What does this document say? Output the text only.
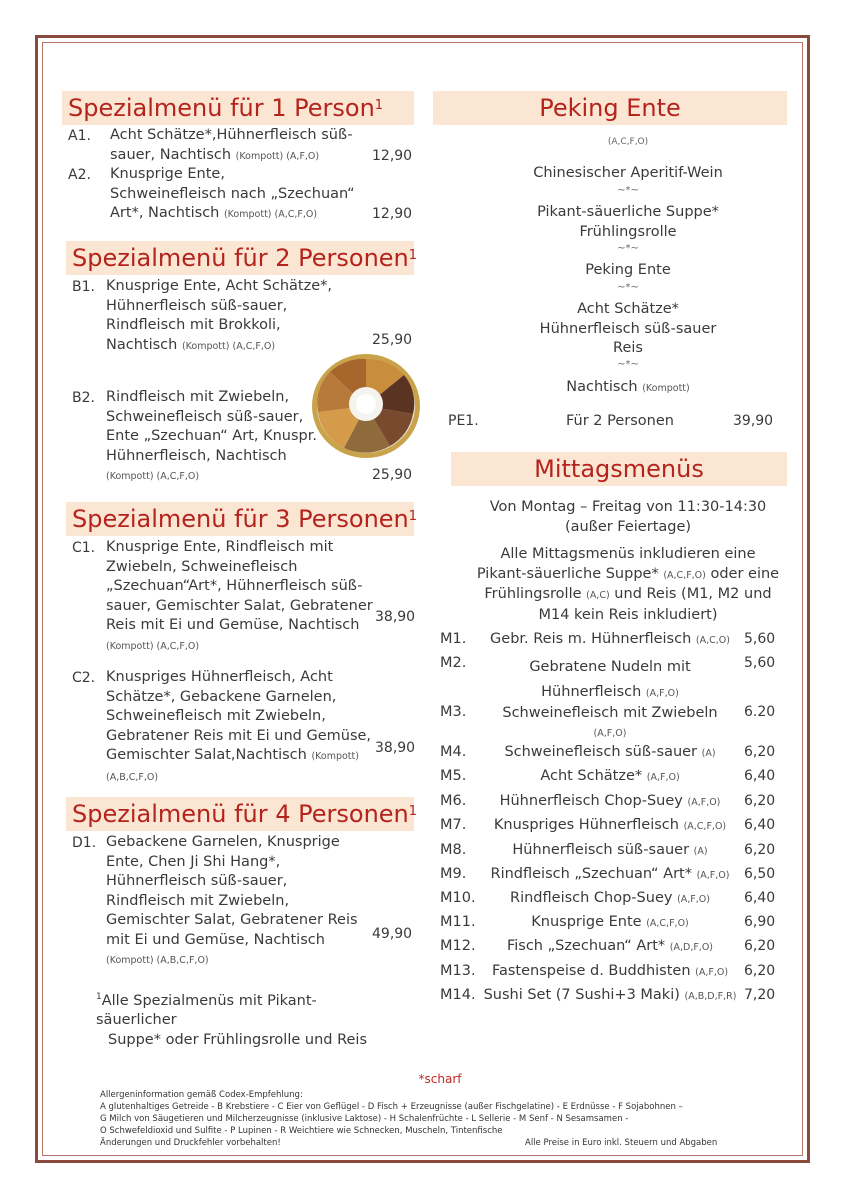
Spezialmenü für 1 Person$^1$
A1. Acht Schätze*,Hühnerfleisch süß-
sauer, Nachtisch (Kompott) (A,F,O)	12,90
A2. Knusprige Ente,
Schweinefleisch nach „Szechuan“
Art*, Nachtisch (Kompott) (A,C,F,O)	12,90
Spezialmenü für 2 Personen$^1$
B1. Knusprige Ente, Acht Schätze*,
Hühnerfleisch süß-sauer,
Rindfleisch mit Brokkoli,
Nachtisch (Kompott) (A,C,F,O)	25,90
B2. Rindfleisch mit Zwiebeln,
Schweinefleisch süß-sauer,
Ente „Szechuan“ Art, Knuspr.
Hühnerfleisch, Nachtisch
(Kompott) (A,C,F,O)	25,90
Spezialmenü für 3 Personen$^1$
C1. Knusprige Ente, Rindfleisch mit
Zwiebeln, Schweinefleisch
„Szechuan“Art*, Hühnerfleisch süß-
sauer, Gemischter Salat, Gebratener
Reis mit Ei und Gemüse, Nachtisch
(Kompott) (A,C,F,O)
38,90
C2. Knuspriges Hühnerfleisch, Acht
Schätze*, Gebackene Garnelen,
Schweinefleisch mit Zwiebeln,
Gebratener Reis mit Ei und Gemüse,
Gemischter Salat,Nachtisch (Kompott)
(A,B,C,F,O)
38,90
Spezialmenü für 4 Personen$^1$
D1. Gebackene Garnelen, Knusprige
Ente, Chen Ji Shi Hang*,
Hühnerfleisch süß-sauer,
Rindfleisch mit Zwiebeln,
Gemischter Salat, Gebratener Reis
mit Ei und Gemüse, Nachtisch
(Kompott) (A,B,C,F,O)
49,90
$^1$Alle Spezialmenüs mit Pikant-säuerlicher
Suppe* oder Frühlingsrolle und Reis
Peking Ente
(A,C,F,O)
Chinesischer Aperitif-Wein
~*~
Pikant-säuerliche Suppe*
Frühlingsrolle
~*~
Peking Ente
~*~
Acht Schätze*
Hühnerfleisch süß-sauer
Reis
~*~
Nachtisch (Kompott)
PE1.	Für 2 Personen	39,90
Mittagsmenüs
Von Montag – Freitag von 11:30-14:30
(außer Feiertage)
Alle Mittagsmenüs inkludieren eine
Pikant-säuerliche Suppe* (A,C,F,O) oder eine
Frühlingsrolle (A,C) und Reis (M1, M2 und
M14 kein Reis inkludiert)
M1.	Gebr. Reis m. Hühnerfleisch (A,C,O)	5,60
M2.	Gebratene Nudeln mit
Hühnerfleisch (A,F,O)
5,60
M3.	Schweinefleisch mit Zwiebeln
(A,F,O)
6.20
M4.	Schweinefleisch süß-sauer (A)	6,20
M5.	Acht Schätze* (A,F,O)	6,40
M6.	Hühnerfleisch Chop-Suey (A,F,O)	6,20
M7.	Knuspriges Hühnerfleisch (A,C,F,O)	6,40
M8.	Hühnerfleisch süß-sauer (A)	6,20
M9.	Rindfleisch „Szechuan“ Art* (A,F,O)	6,50
M10.	Rindfleisch Chop-Suey (A,F,O)	6,40
M11.	Knusprige Ente (A,C,F,O)	6,90
M12.	Fisch „Szechuan“ Art* (A,D,F,O)	6,20
M13.	Fastenspeise d. Buddhisten (A,F,O)	6,20
M14. Sushi Set (7 Sushi+3 Maki) (A,B,D,F,R) 7,20
*scharf
Allergeninformation gemäß Codex-Empfehlung:
A glutenhaltiges Getreide - B Krebstiere - C Eier von Geflügel - D Fisch + Erzeugnisse (außer Fischgelatine) - E Erdnüsse - F Sojabohnen –
G Milch von Säugetieren und Milcherzeugnisse (inklusive Laktose) - H Schalenfrüchte - L Sellerie - M Senf - N Sesamsamen -
O Schwefeldioxid und Sulfite - P Lupinen - R Weichtiere wie Schnecken, Muscheln, Tintenfische
Änderungen und Druckfehler vorbehalten!	Alle Preise in Euro inkl. Steuern und Abgaben
